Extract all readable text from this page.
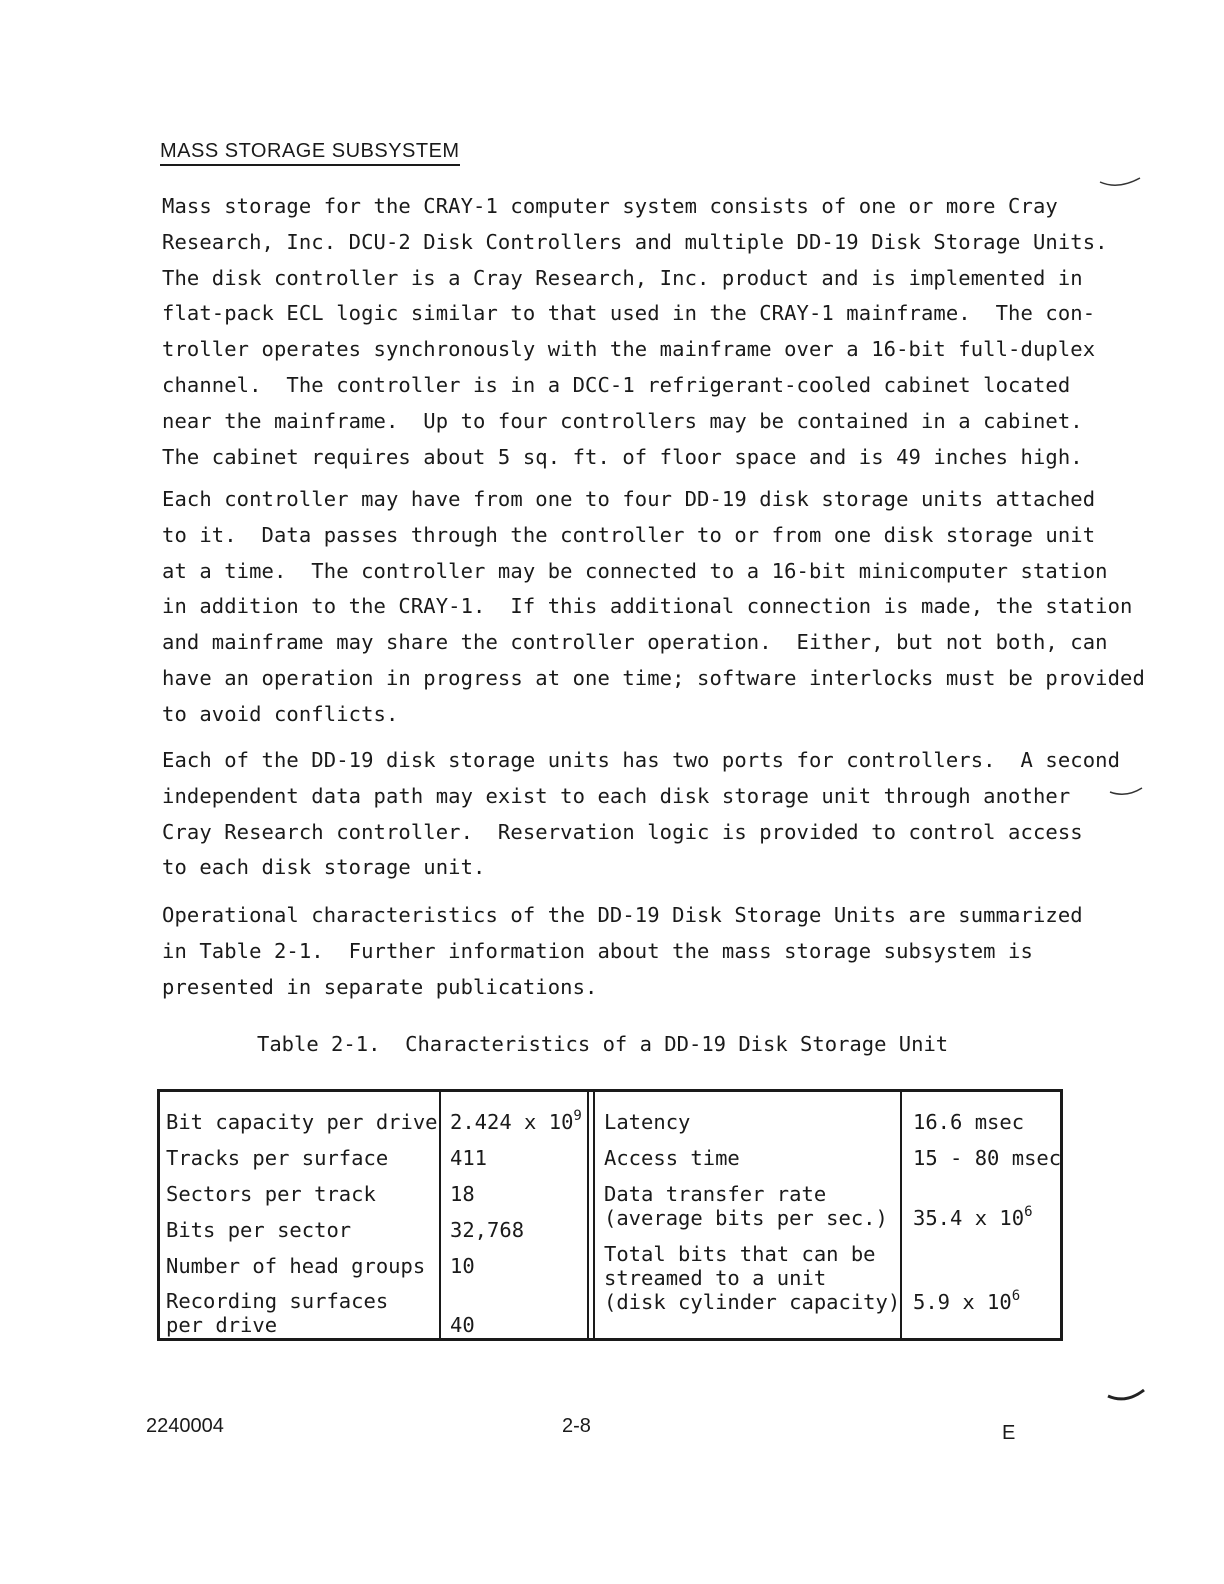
MASS STORAGE SUBSYSTEM
Mass storage for the CRAY-1 computer system consists of one or more Cray
Research, Inc. DCU-2 Disk Controllers and multiple DD-19 Disk Storage Units.
The disk controller is a Cray Research, Inc. product and is implemented in
flat-pack ECL logic similar to that used in the CRAY-1 mainframe.  The con-
troller operates synchronously with the mainframe over a 16-bit full-duplex
channel.  The controller is in a DCC-1 refrigerant-cooled cabinet located
near the mainframe.  Up to four controllers may be contained in a cabinet.
The cabinet requires about 5 sq. ft. of floor space and is 49 inches high.
Each controller may have from one to four DD-19 disk storage units attached
to it.  Data passes through the controller to or from one disk storage unit
at a time.  The controller may be connected to a 16-bit minicomputer station
in addition to the CRAY-1.  If this additional connection is made, the station
and mainframe may share the controller operation.  Either, but not both, can
have an operation in progress at one time; software interlocks must be provided
to avoid conflicts.
Each of the DD-19 disk storage units has two ports for controllers.  A second
independent data path may exist to each disk storage unit through another
Cray Research controller.  Reservation logic is provided to control access
to each disk storage unit.
Operational characteristics of the DD-19 Disk Storage Units are summarized
in Table 2-1.  Further information about the mass storage subsystem is
presented in separate publications.
Table 2-1.  Characteristics of a DD-19 Disk Storage Unit
Bit capacity per drive
Tracks per surface
Sectors per track
Bits per sector
Number of head groups
Recording surfaces
per drive
2.424 x $10^9$
411
18
32,768
10
40
Latency
Access time
Data transfer rate
(average bits per sec.)
Total bits that can be
streamed to a unit
(disk cylinder capacity)
16.6 msec
15 - 80 msec
35.4 x $10^6$
5.9 x $10^6$
2240004	2-8	E
